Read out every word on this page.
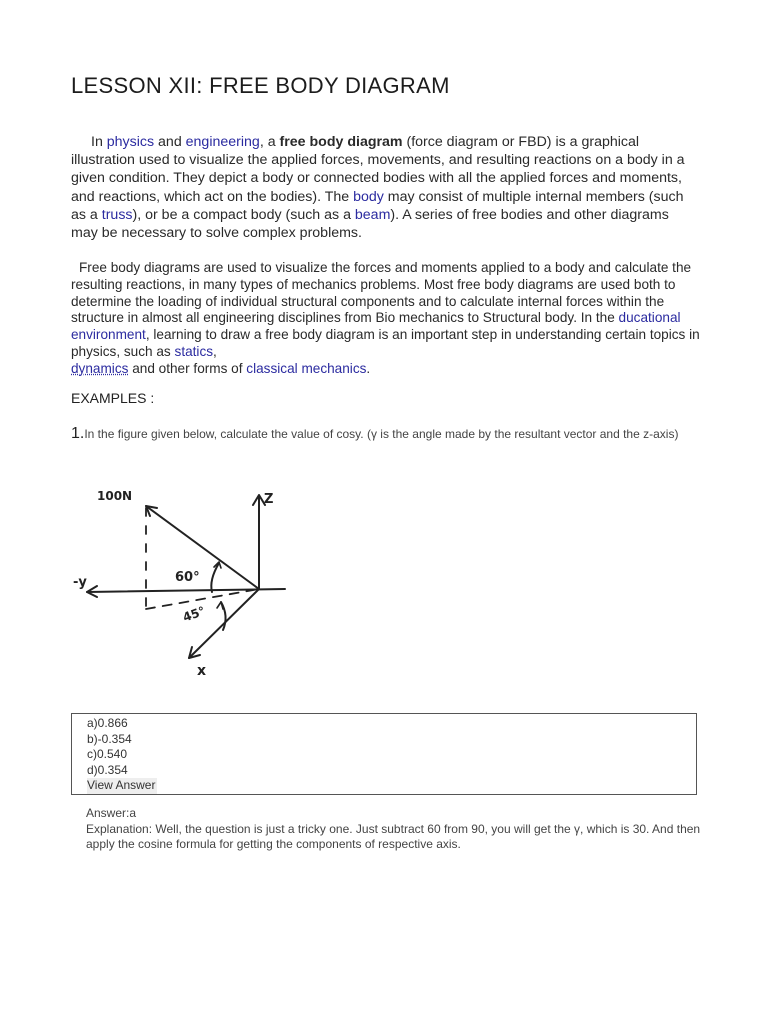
LESSON XII: FREE BODY DIAGRAM

In physics and engineering, a free body diagram (force diagram or FBD) is a graphical illustration used to visualize the applied forces, movements, and resulting reactions on a body in a given condition. They depict a body or connected bodies with all the applied forces and moments, and reactions, which act on the bodies). The body may consist of multiple internal members (such as a truss), or be a compact body (such as a beam). A series of free bodies and other diagrams may be necessary to solve complex problems.

Free body diagrams are used to visualize the forces and moments applied to a body and calculate the resulting reactions, in many types of mechanics problems. Most free body diagrams are used both to determine the loading of individual structural components and to calculate internal forces within the structure in almost all engineering disciplines from Bio mechanics to Structural body. In the ducational environment, learning to draw a free body diagram is an important step in understanding certain topics in physics, such as statics,
dynamics and other forms of classical mechanics.

EXAMPLES :

1.In the figure given below, calculate the value of cosy. (γ is the angle made by the resultant vector and the z-axis)

100N	Z
-y
x
60°
45°
a)0.866
b)-0.354
c)0.540
d)0.354
View Answer
Answer:a
Explanation: Well, the question is just a tricky one. Just subtract 60 from 90, you will get the γ, which is 30. And then apply the cosine formula for getting the components of respective axis.
